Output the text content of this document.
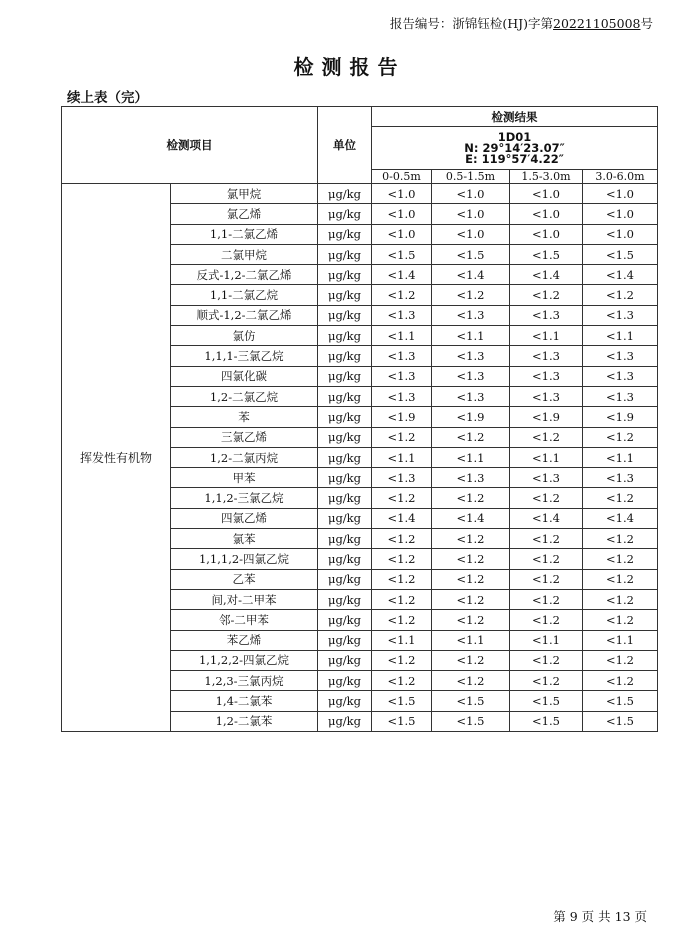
报告编号：浙锦钰检(HJ)字第20221105008号
检测报告
续上表（完）
检测项目		单位	检测结果			

			1D01
N: 29°14′23.07″
E: 119°57′4.22″			

			0-0.5m	0.5-1.5m	1.5-3.0m	3.0-6.0m
挥发性有机物	氯甲烷	μg/kg	<1.0	<1.0	<1.0	<1.0
	氯乙烯	μg/kg	<1.0	<1.0	<1.0	<1.0
	1,1-二氯乙烯	μg/kg	<1.0	<1.0	<1.0	<1.0
	二氯甲烷	μg/kg	<1.5	<1.5	<1.5	<1.5
	反式-1,2-二氯乙烯	μg/kg	<1.4	<1.4	<1.4	<1.4
	1,1-二氯乙烷	μg/kg	<1.2	<1.2	<1.2	<1.2
	顺式-1,2-二氯乙烯	μg/kg	<1.3	<1.3	<1.3	<1.3
	氯仿	μg/kg	<1.1	<1.1	<1.1	<1.1
	1,1,1-三氯乙烷	μg/kg	<1.3	<1.3	<1.3	<1.3
	四氯化碳	μg/kg	<1.3	<1.3	<1.3	<1.3
	1,2-二氯乙烷	μg/kg	<1.3	<1.3	<1.3	<1.3
	苯	μg/kg	<1.9	<1.9	<1.9	<1.9
	三氯乙烯	μg/kg	<1.2	<1.2	<1.2	<1.2
	1,2-二氯丙烷	μg/kg	<1.1	<1.1	<1.1	<1.1
	甲苯	μg/kg	<1.3	<1.3	<1.3	<1.3
	1,1,2-三氯乙烷	μg/kg	<1.2	<1.2	<1.2	<1.2
	四氯乙烯	μg/kg	<1.4	<1.4	<1.4	<1.4
	氯苯	μg/kg	<1.2	<1.2	<1.2	<1.2
	1,1,1,2-四氯乙烷	μg/kg	<1.2	<1.2	<1.2	<1.2
	乙苯	μg/kg	<1.2	<1.2	<1.2	<1.2
	间,对-二甲苯	μg/kg	<1.2	<1.2	<1.2	<1.2
	邻-二甲苯	μg/kg	<1.2	<1.2	<1.2	<1.2
	苯乙烯	μg/kg	<1.1	<1.1	<1.1	<1.1
	1,1,2,2-四氯乙烷	μg/kg	<1.2	<1.2	<1.2	<1.2
	1,2,3-三氯丙烷	μg/kg	<1.2	<1.2	<1.2	<1.2
	1,4-二氯苯	μg/kg	<1.5	<1.5	<1.5	<1.5
	1,2-二氯苯	μg/kg	<1.5	<1.5	<1.5	<1.5
第 9 页 共 13 页
